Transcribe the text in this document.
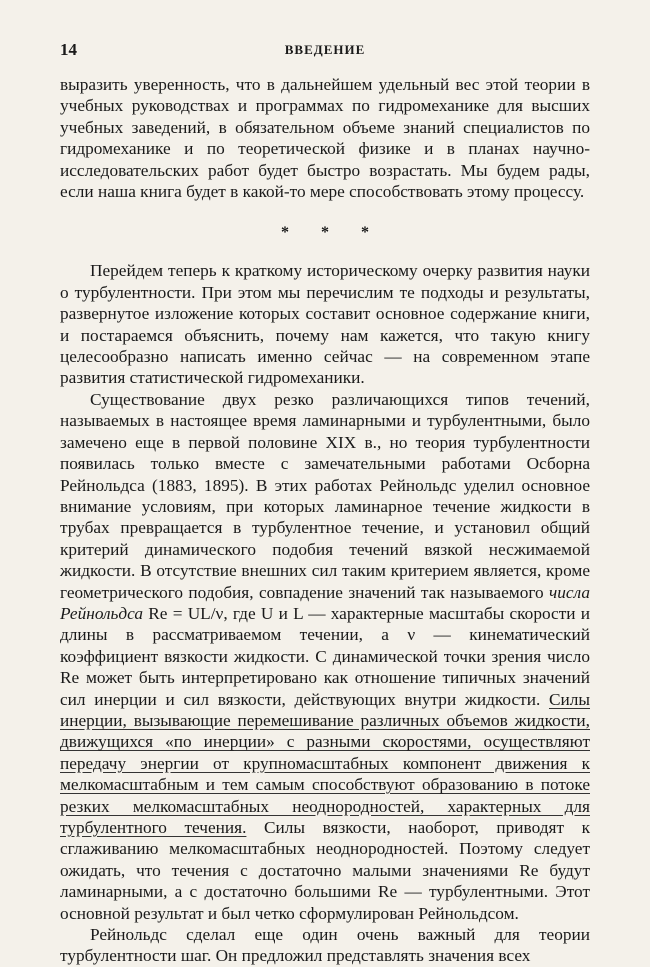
14	ВВЕДЕНИЕ

выразить уверенность, что в дальнейшем удельный вес этой теории в учебных руководствах и программах по гидромеханике для высших учебных заведений, в обязательном объеме знаний специалистов по гидромеханике и по теоретической физике и в планах научно-исследовательских работ будет быстро возрастать. Мы будем рады, если наша книга будет в какой-то мере способствовать этому процессу.

* * *

Перейдем теперь к краткому историческому очерку развития науки о турбулентности. При этом мы перечислим те подходы и результаты, развернутое изложение которых составит основное содержание книги, и постараемся объяснить, почему нам кажется, что такую книгу целесообразно написать именно сейчас — на современном этапе развития статистической гидромеханики.

Существование двух резко различающихся типов течений, называемых в настоящее время ламинарными и турбулентными, было замечено еще в первой половине XIX в., но теория турбулентности появилась только вместе с замечательными работами Осборна Рейнольдса (1883, 1895). В этих работах Рейнольдс уделил основное внимание условиям, при которых ламинарное течение жидкости в трубах превращается в турбулентное течение, и установил общий критерий динамического подобия течений вязкой несжимаемой жидкости. В отсутствие внешних сил таким критерием является, кроме геометрического подобия, совпадение значений так называемого числа Рейнольдса Re = UL/ν, где U и L — характерные масштабы скорости и длины в рассматриваемом течении, а ν — кинематический коэффициент вязкости жидкости. С динамической точки зрения число Re может быть интерпретировано как отношение типичных значений сил инерции и сил вязкости, действующих внутри жидкости. Силы инерции, вызывающие перемешивание различных объемов жидкости, движущихся «по инерции» с разными скоростями, осуществляют передачу энергии от крупномасштабных компонент движения к мелкомасштабным и тем самым способствуют образованию в потоке резких мелкомасштабных неоднородностей, характерных для турбулентного течения. Силы вязкости, наоборот, приводят к сглаживанию мелкомасштабных неоднородностей. Поэтому следует ожидать, что течения с достаточно малыми значениями Re будут ламинарными, а с достаточно большими Re — турбулентными. Этот основной результат и был четко сформулирован Рейнольдсом.

Рейнольдс сделал еще один очень важный для теории турбулентности шаг. Он предложил представлять значения всех
